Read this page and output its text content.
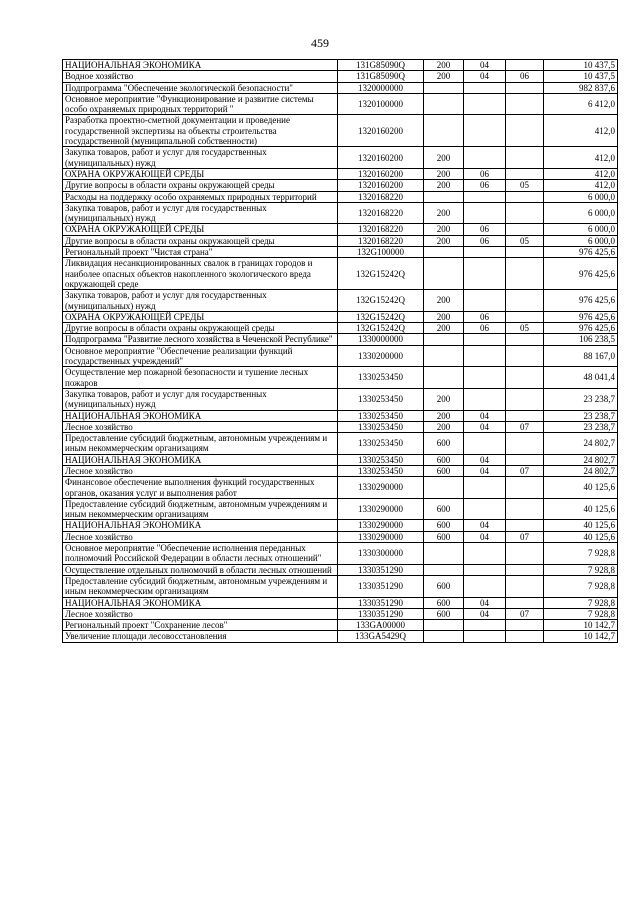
459
НАЦИОНАЛЬНАЯ ЭКОНОМИКА	131G85090Q	200	04		10 437,5
Водное хозяйство	131G85090Q	200	04	06	10 437,5
Подпрограмма "Обеспечение экологической безопасности"	1320000000				982 837,6
Основное мероприятие "Функционирование и развитие системы особо охраняемых природных территорий "	1320100000				6 412,0
Разработка проектно-сметной документации и проведение государственной экспертизы на объекты строительства государственной (муниципальной собственности)	1320160200				412,0
Закупка товаров, работ и услуг для государственных (муниципальных) нужд	1320160200	200			412,0
ОХРАНА ОКРУЖАЮЩЕЙ СРЕДЫ	1320160200	200	06		412,0
Другие вопросы в области охраны окружающей среды	1320160200	200	06	05	412,0
Расходы на поддержку особо охраняемых природных территорий	1320168220				6 000,0
Закупка товаров, работ и услуг для государственных (муниципальных) нужд	1320168220	200			6 000,0
ОХРАНА ОКРУЖАЮЩЕЙ СРЕДЫ	1320168220	200	06		6 000,0
Другие вопросы в области охраны окружающей среды	1320168220	200	06	05	6 000,0
Региональный проект "Чистая страна"	132G100000				976 425,6
Ликвидация несанкционированных свалок в границах городов и наиболее опасных объектов накопленного экологического вреда окружающей среде	132G15242Q				976 425,6
Закупка товаров, работ и услуг для государственных (муниципальных) нужд	132G15242Q	200			976 425,6
ОХРАНА ОКРУЖАЮЩЕЙ СРЕДЫ	132G15242Q	200	06		976 425,6
Другие вопросы в области охраны окружающей среды	132G15242Q	200	06	05	976 425,6
Подпрограмма "Развитие лесного хозяйства в Чеченской Республике"	1330000000				106 238,5
Основное мероприятие "Обеспечение реализации функций государственных учреждений"	1330200000				88 167,0
Осуществление мер пожарной безопасности и тушение лесных пожаров	1330253450				48 041,4
Закупка товаров, работ и услуг для государственных (муниципальных) нужд	1330253450	200			23 238,7
НАЦИОНАЛЬНАЯ ЭКОНОМИКА	1330253450	200	04		23 238,7
Лесное хозяйство	1330253450	200	04	07	23 238,7
Предоставление субсидий бюджетным, автономным учреждениям и иным некоммерческим организациям	1330253450	600			24 802,7
НАЦИОНАЛЬНАЯ ЭКОНОМИКА	1330253450	600	04		24 802,7
Лесное хозяйство	1330253450	600	04	07	24 802,7
Финансовое обеспечение выполнения функций государственных органов, оказания услуг и выполнения работ	1330290000				40 125,6
Предоставление субсидий бюджетным, автономным учреждениям и иным некоммерческим организациям	1330290000	600			40 125,6
НАЦИОНАЛЬНАЯ ЭКОНОМИКА	1330290000	600	04		40 125,6
Лесное хозяйство	1330290000	600	04	07	40 125,6
Основное мероприятие "Обеспечение исполнения переданных полномочий Российской Федерации в области лесных отношений"	1330300000				7 928,8
Осуществление отдельных полномочий в области лесных отношений	1330351290				7 928,8
Предоставление субсидий бюджетным, автономным учреждениям и иным некоммерческим организациям	1330351290	600			7 928,8
НАЦИОНАЛЬНАЯ ЭКОНОМИКА	1330351290	600	04		7 928,8
Лесное хозяйство	1330351290	600	04	07	7 928,8
Региональный проект "Сохранение лесов"	133GA00000				10 142,7
Увеличение площади лесовосстановления	133GA5429Q				10 142,7
